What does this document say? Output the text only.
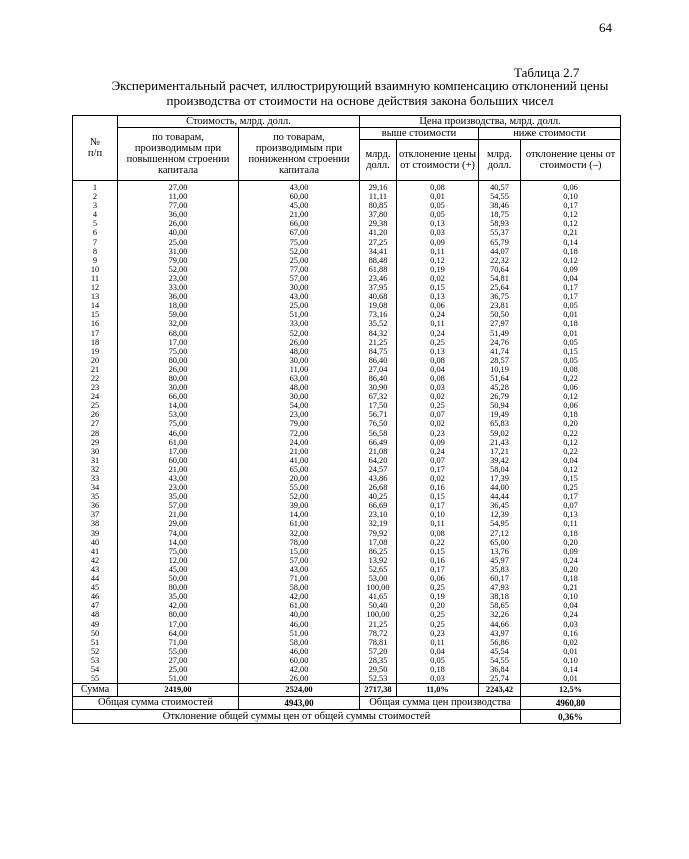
64
Таблица 2.7
Экспериментальный расчет, иллюстрирующий взаимную компенсацию отклонений цены
производства от стоимости на основе действия закона больших чисел
№
п/п	Стоимость, млрд. долл.		Цена производства, млрд. долл.			
	по товарам, производимым при повышенном строении капитала	по товарам, производимым при пониженном строении капитала	выше стоимости		ниже стоимости	
			млрд. долл.	отклонение цены от стоимости (+)	млрд. долл.	отклонение цены от стоимости (–)
1	27,00	43,00	29,16	0,08	40,57	0,06
2	11,00	60,00	11,11	0,01	54,55	0,10
3	77,00	45,00	80,85	0,05	38,46	0,17
4	36,00	21,00	37,80	0,05	18,75	0,12
5	26,00	66,00	29,38	0,13	58,93	0,12
6	40,00	67,00	41,20	0,03	55,37	0,21
7	25,00	75,00	27,25	0,09	65,79	0,14
8	31,00	52,00	34,41	0,11	44,07	0,18
9	79,00	25,00	88,48	0,12	22,32	0,12
10	52,00	77,00	61,88	0,19	70,64	0,09
11	23,00	57,00	23,46	0,02	54,81	0,04
12	33,00	30,00	37,95	0,15	25,64	0,17
13	36,00	43,00	40,68	0,13	36,75	0,17
14	18,00	25,00	19,08	0,06	23,81	0,05
15	59,00	51,00	73,16	0,24	50,50	0,01
16	32,00	33,00	35,52	0,11	27,97	0,18
17	68,00	52,00	84,32	0,24	51,49	0,01
18	17,00	26,00	21,25	0,25	24,76	0,05
19	75,00	48,00	84,75	0,13	41,74	0,15
20	80,00	30,00	86,40	0,08	28,57	0,05
21	26,00	11,00	27,04	0,04	10,19	0,08
22	80,00	63,00	86,40	0,08	51,64	0,22
23	30,00	48,00	30,90	0,03	45,28	0,06
24	66,00	30,00	67,32	0,02	26,79	0,12
25	14,00	54,00	17,50	0,25	50,94	0,06
26	53,00	23,00	56,71	0,07	19,49	0,18
27	75,00	79,00	76,50	0,02	65,83	0,20
28	46,00	72,00	56,58	0,23	59,02	0,22
29	61,00	24,00	66,49	0,09	21,43	0,12
30	17,00	21,00	21,08	0,24	17,21	0,22
31	60,00	41,00	64,20	0,07	39,42	0,04
32	21,00	65,00	24,57	0,17	58,04	0,12
33	43,00	20,00	43,86	0,02	17,39	0,15
34	23,00	55,00	26,68	0,16	44,00	0,25
35	35,00	52,00	40,25	0,15	44,44	0,17
36	57,00	39,00	66,69	0,17	36,45	0,07
37	21,00	14,00	23,10	0,10	12,39	0,13
38	29,00	61,00	32,19	0,11	54,95	0,11
39	74,00	32,00	79,92	0,08	27,12	0,18
40	14,00	78,00	17,08	0,22	65,00	0,20
41	75,00	15,00	86,25	0,15	13,76	0,09
42	12,00	57,00	13,92	0,16	45,97	0,24
43	45,00	43,00	52,65	0,17	35,83	0,20
44	50,00	71,00	53,00	0,06	60,17	0,18
45	80,00	58,00	100,00	0,25	47,93	0,21
46	35,00	42,00	41,65	0,19	38,18	0,10
47	42,00	61,00	50,40	0,20	58,65	0,04
48	80,00	40,00	100,00	0,25	32,26	0,24
49	17,00	46,00	21,25	0,25	44,66	0,03
50	64,00	51,00	78,72	0,23	43,97	0,16
51	71,00	58,00	78,81	0,11	56,86	0,02
52	55,00	46,00	57,20	0,04	45,54	0,01
53	27,00	60,00	28,35	0,05	54,55	0,10
54	25,00	42,00	29,50	0,18	36,84	0,14
55	51,00	26,00	52,53	0,03	25,74	0,01
Сумма	2419,00	2524,00	2717,38	11,0%	2243,42	12,5%
Общая сумма стоимостей		4943,00	Общая сумма цен производства			4960,80
Отклонение общей суммы цен от общей суммы стоимостей						0,36%
